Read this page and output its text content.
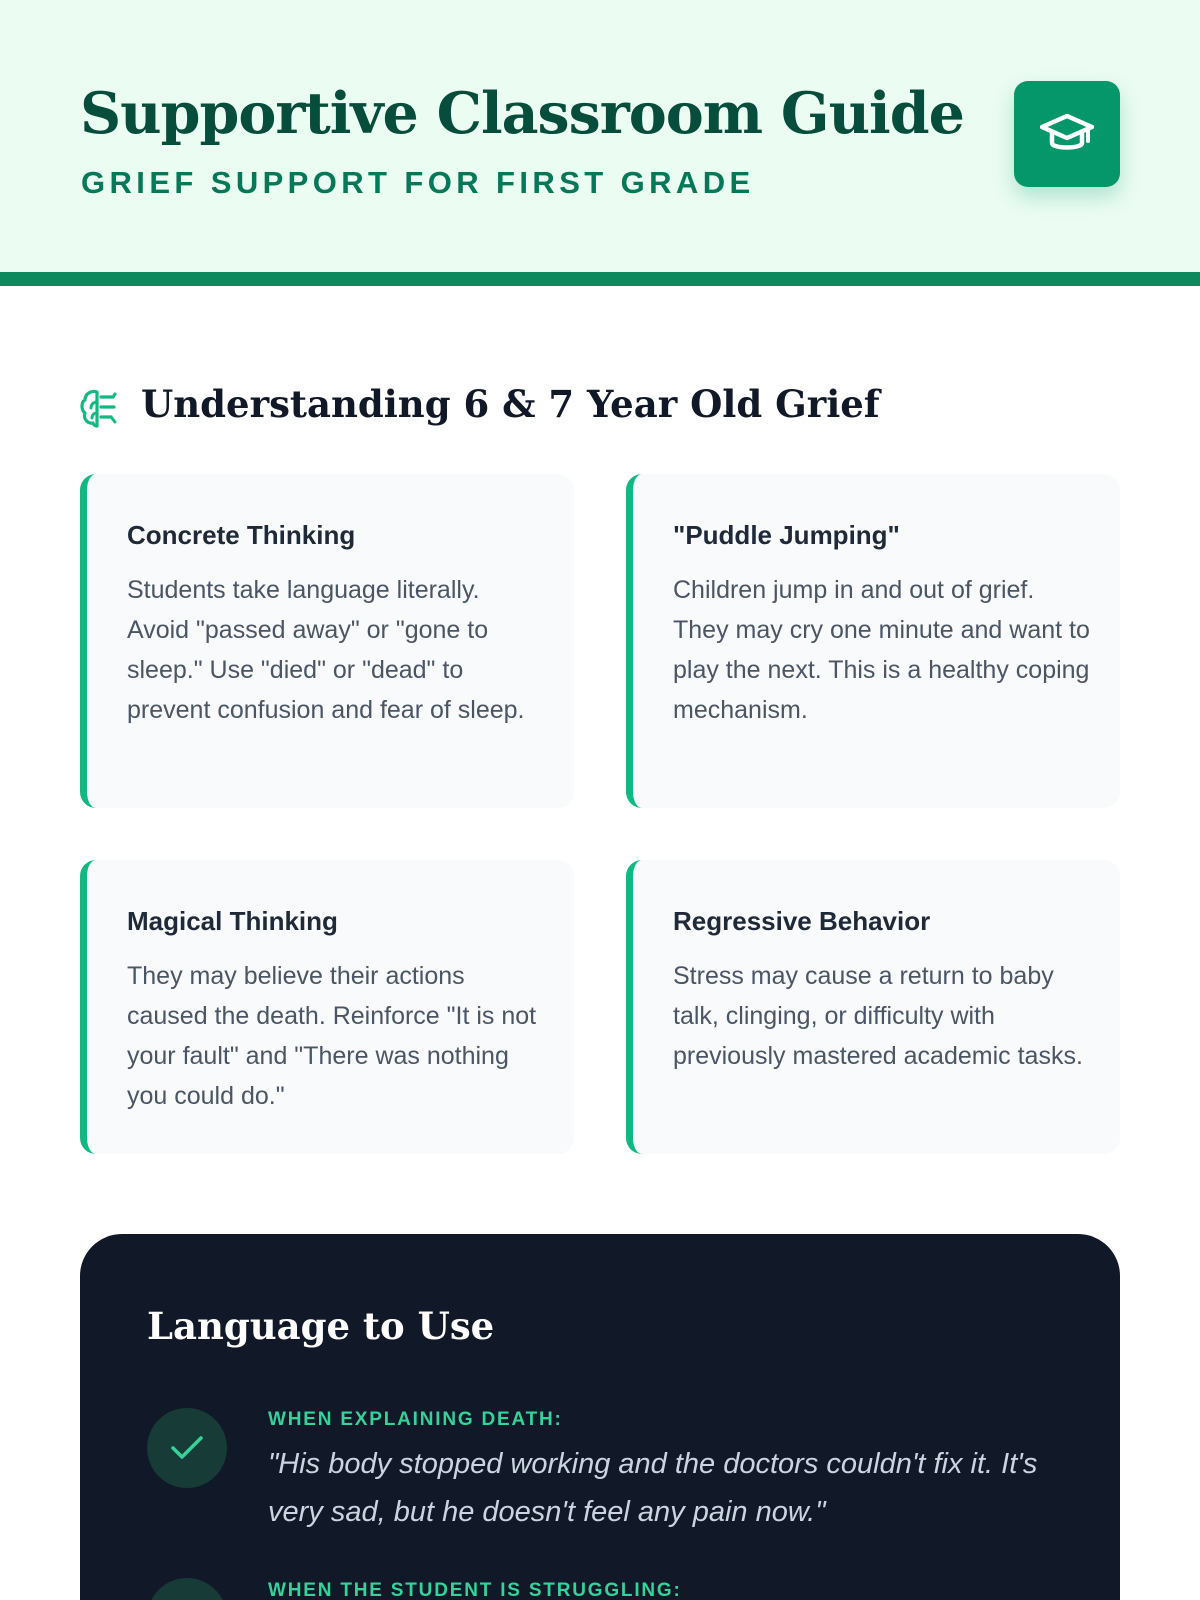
Supportive Classroom Guide
GRIEF SUPPORT FOR FIRST GRADE
Understanding 6 & 7 Year Old Grief
Concrete Thinking

Students take language literally. Avoid "passed away" or "gone to sleep." Use "died" or "dead" to prevent confusion and fear of sleep.

"Puddle Jumping"

Children jump in and out of grief. They may cry one minute and want to play the next. This is a healthy coping mechanism.

Magical Thinking

They may believe their actions caused the death. Reinforce "It is not your fault" and "There was nothing you could do."

Regressive Behavior

Stress may cause a return to baby talk, clinging, or difficulty with previously mastered academic tasks.

Language to Use
WHEN EXPLAINING DEATH:

"His body stopped working and the doctors couldn't fix it. It's very sad, but he doesn't feel any pain now."

WHEN THE STUDENT IS STRUGGLING:
